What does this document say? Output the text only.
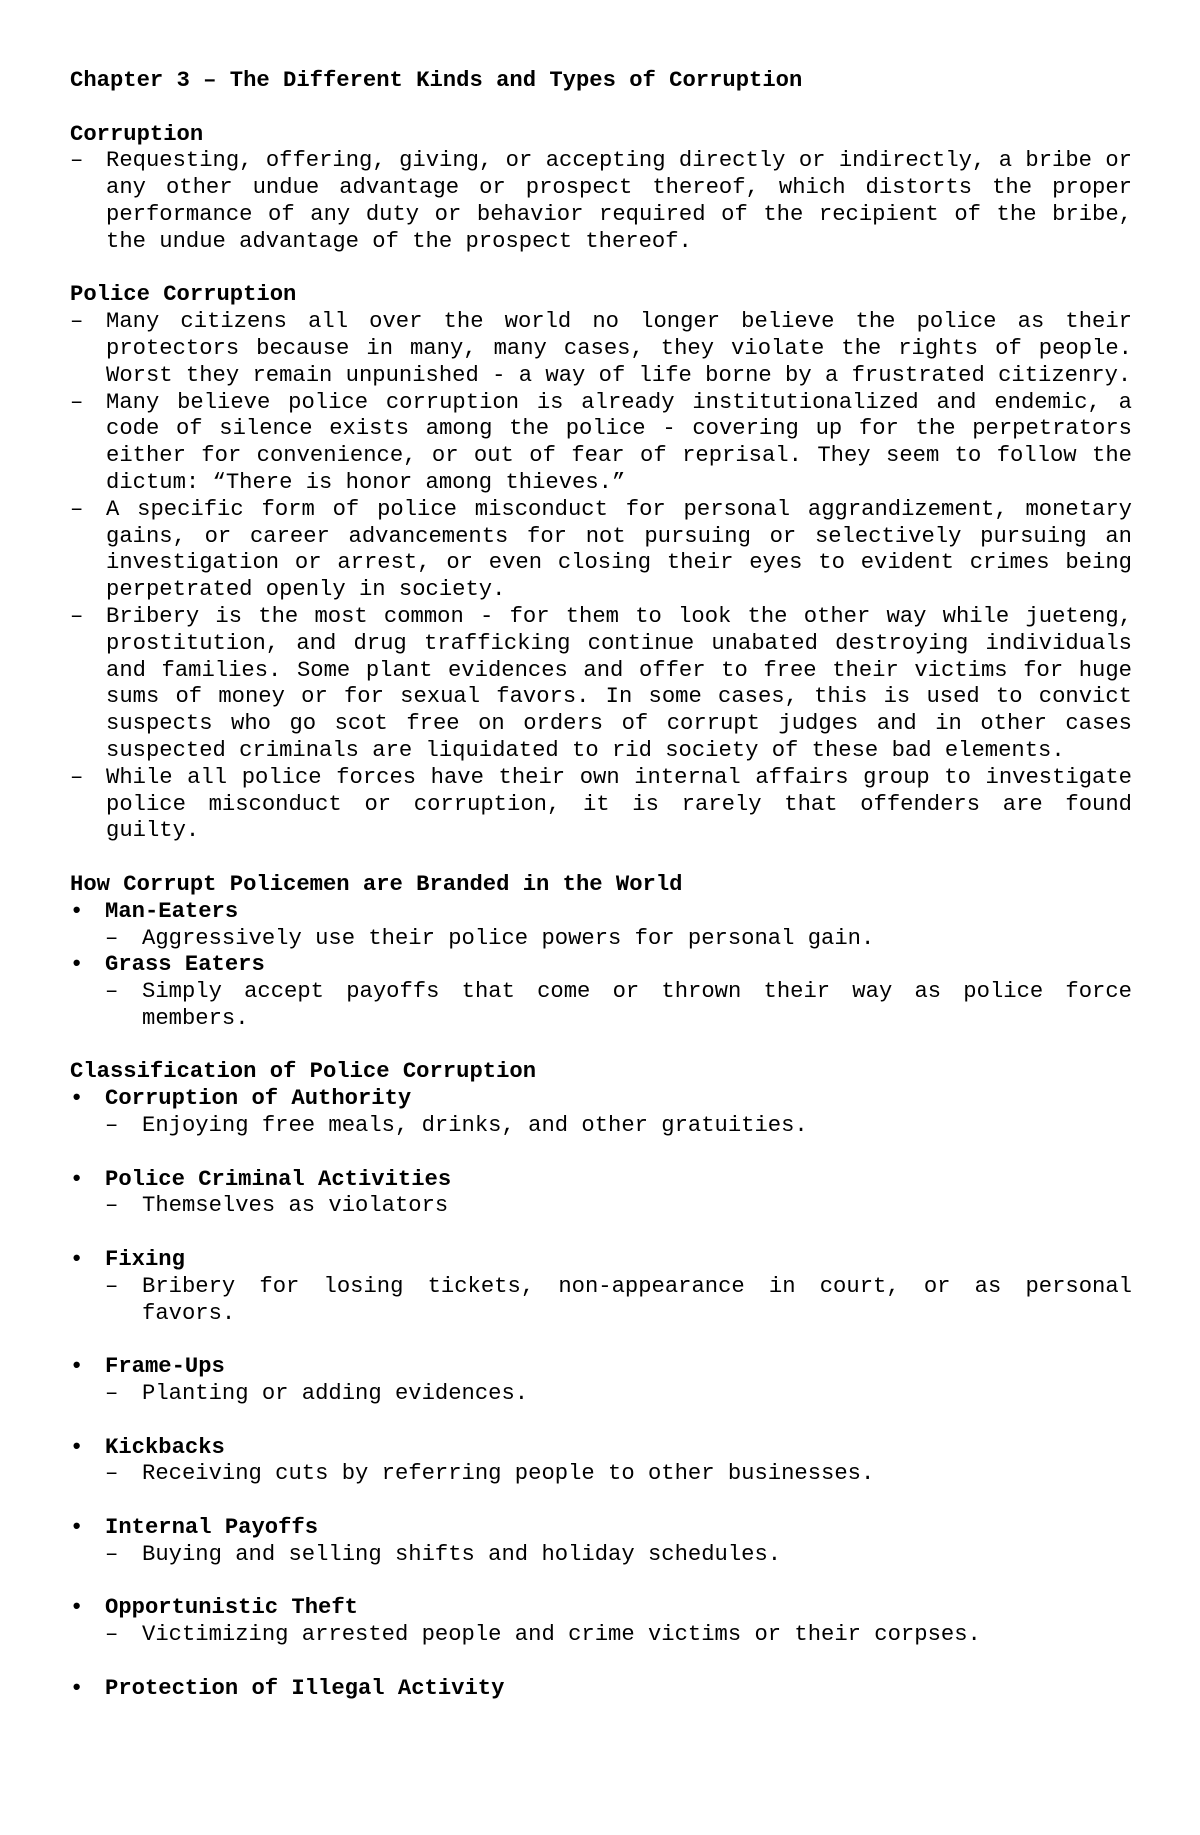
Chapter 3 – The Different Kinds and Types of Corruption
Corruption
– Requesting, offering, giving, or accepting directly or indirectly, a bribe or any other undue advantage or prospect thereof, which distorts the proper performance of any duty or behavior required of the recipient of the bribe, the undue advantage of the prospect thereof.
Police Corruption
– Many citizens all over the world no longer believe the police as their protectors because in many, many cases, they violate the rights of people. Worst they remain unpunished - a way of life borne by a frustrated citizenry.
– Many believe police corruption is already institutionalized and endemic, a code of silence exists among the police - covering up for the perpetrators either for convenience, or out of fear of reprisal. They seem to follow the dictum: “There is honor among thieves.”
– A specific form of police misconduct for personal aggrandizement, monetary gains, or career advancements for not pursuing or selectively pursuing an investigation or arrest, or even closing their eyes to evident crimes being perpetrated openly in society.
– Bribery is the most common - for them to look the other way while jueteng, prostitution, and drug trafficking continue unabated destroying individuals and families. Some plant evidences and offer to free their victims for huge sums of money or for sexual favors. In some cases, this is used to convict suspects who go scot free on orders of corrupt judges and in other cases suspected criminals are liquidated to rid society of these bad elements.
– While all police forces have their own internal affairs group to investigate police misconduct or corruption, it is rarely that offenders are found guilty.
How Corrupt Policemen are Branded in the World
• Man-Eaters
– Aggressively use their police powers for personal gain.
• Grass Eaters
– Simply accept payoffs that come or thrown their way as police force members.
Classification of Police Corruption
• Corruption of Authority
– Enjoying free meals, drinks, and other gratuities.
• Police Criminal Activities
– Themselves as violators
• Fixing
– Bribery for losing tickets, non-appearance in court, or as personal favors.
• Frame-Ups
– Planting or adding evidences.
• Kickbacks
– Receiving cuts by referring people to other businesses.
• Internal Payoffs
– Buying and selling shifts and holiday schedules.
• Opportunistic Theft
– Victimizing arrested people and crime victims or their corpses.
• Protection of Illegal Activity
